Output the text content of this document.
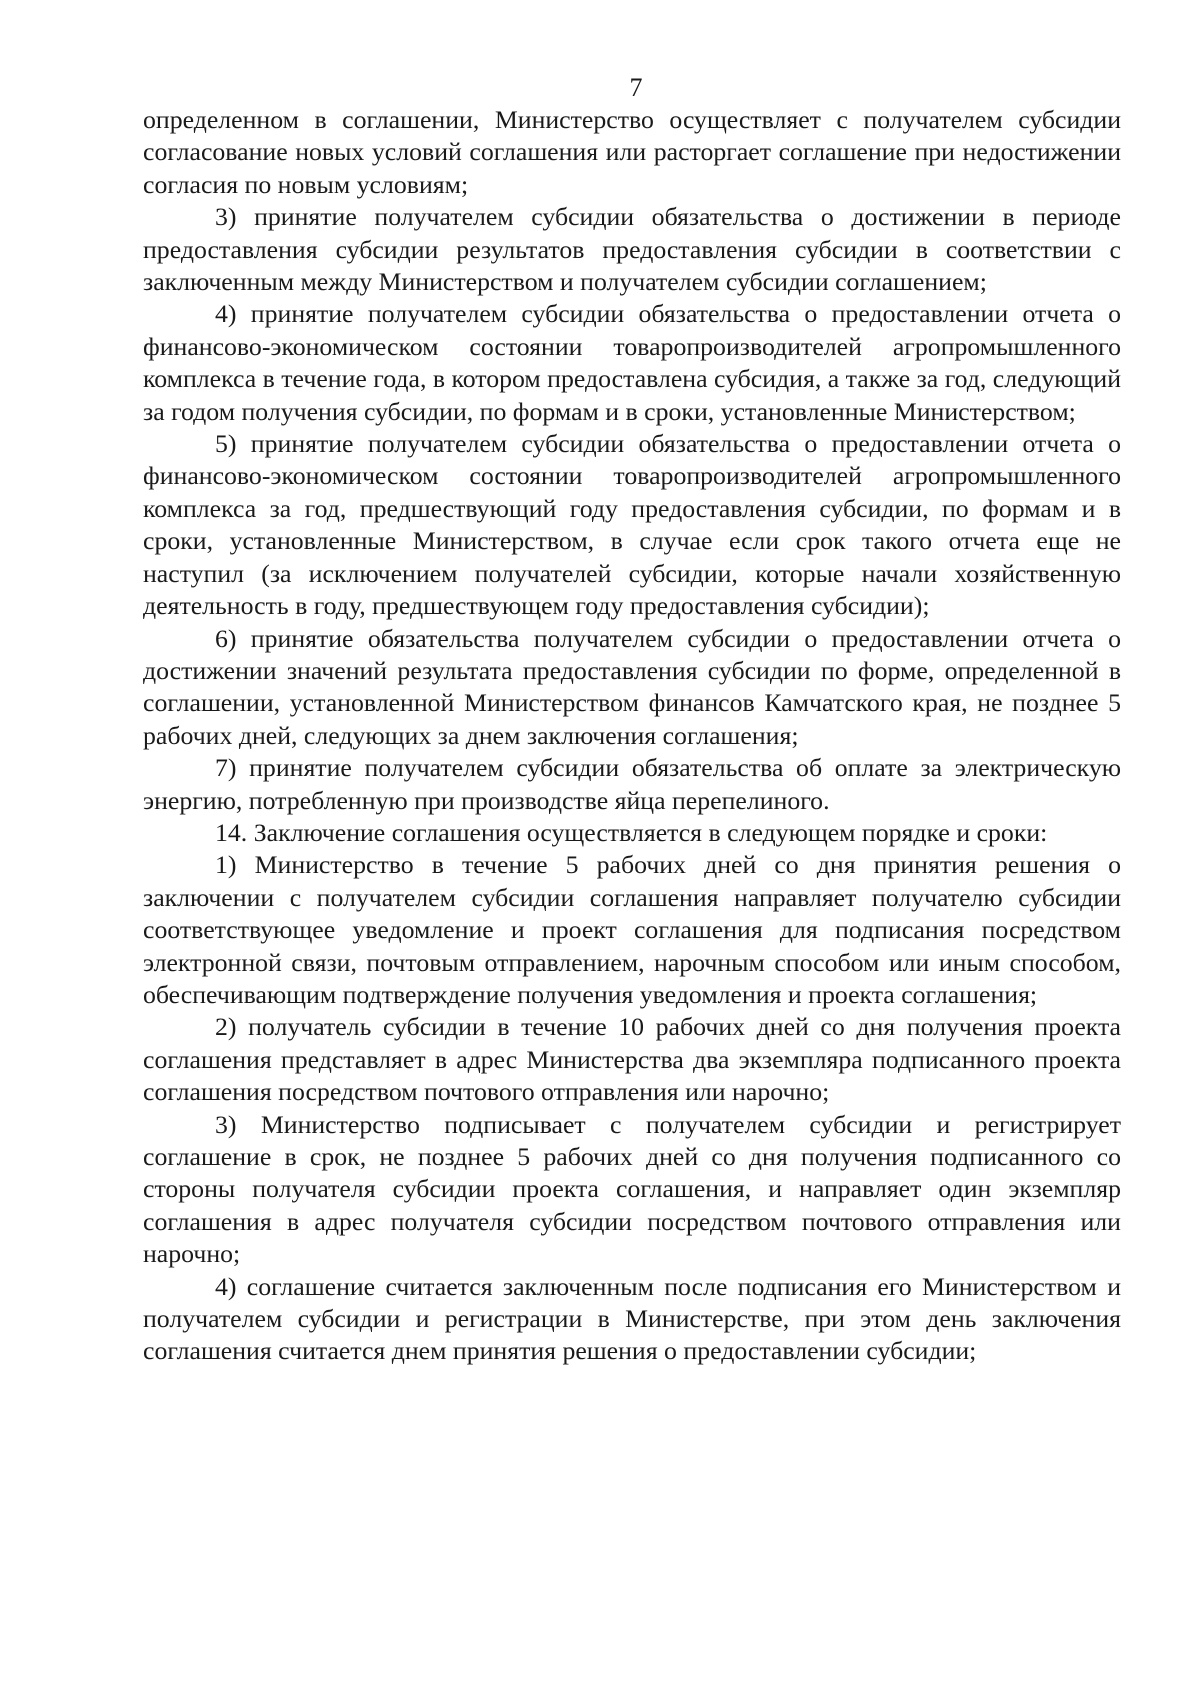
7

определенном в соглашении, Министерство осуществляет с получателем субсидии согласование новых условий соглашения или расторгает соглашение при недостижении согласия по новым условиям;

3) принятие получателем субсидии обязательства о достижении в периоде предоставления субсидии результатов предоставления субсидии в соответствии с заключенным между Министерством и получателем субсидии соглашением;

4) принятие получателем субсидии обязательства о предоставлении отчета о финансово-экономическом состоянии товаропроизводителей агропромышленного комплекса в течение года, в котором предоставлена субсидия, а также за год, следующий за годом получения субсидии, по формам и в сроки, установленные Министерством;

5) принятие получателем субсидии обязательства о предоставлении отчета о финансово-экономическом состоянии товаропроизводителей агропромышленного комплекса за год, предшествующий году предоставления субсидии, по формам и в сроки, установленные Министерством, в случае если срок такого отчета еще не наступил (за исключением получателей субсидии, которые начали хозяйственную деятельность в году, предшествующем году предоставления субсидии);

6) принятие обязательства получателем субсидии о предоставлении отчета о достижении значений результата предоставления субсидии по форме, определенной в соглашении, установленной Министерством финансов Камчатского края, не позднее 5 рабочих дней, следующих за днем заключения соглашения;

7) принятие получателем субсидии обязательства об оплате за электрическую энергию, потребленную при производстве яйца перепелиного.

14. Заключение соглашения осуществляется в следующем порядке и сроки:

1) Министерство в течение 5 рабочих дней со дня принятия решения о заключении с получателем субсидии соглашения направляет получателю субсидии соответствующее уведомление и проект соглашения для подписания посредством электронной связи, почтовым отправлением, нарочным способом или иным способом, обеспечивающим подтверждение получения уведомления и проекта соглашения;

2) получатель субсидии в течение 10 рабочих дней со дня получения проекта соглашения представляет в адрес Министерства два экземпляра подписанного проекта соглашения посредством почтового отправления или нарочно;

3) Министерство подписывает с получателем субсидии и регистрирует соглашение в срок, не позднее 5 рабочих дней со дня получения подписанного со стороны получателя субсидии проекта соглашения, и направляет один экземпляр соглашения в адрес получателя субсидии посредством почтового отправления или нарочно;

4) соглашение считается заключенным после подписания его Министерством и получателем субсидии и регистрации в Министерстве, при этом день заключения соглашения считается днем принятия решения о предоставлении субсидии;
